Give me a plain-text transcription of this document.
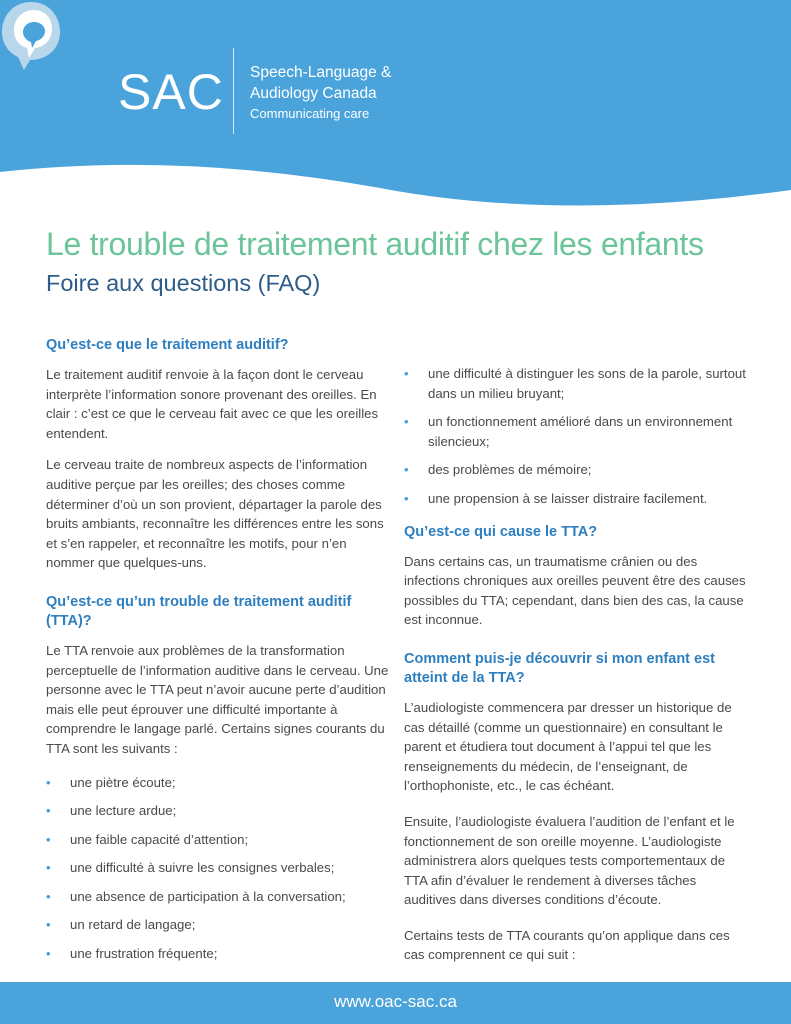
SAC Speech-Language &
Audiology Canada
Communicating care
Le trouble de traitement auditif chez les enfants
Foire aux questions (FAQ)
Qu’est-ce que le traitement auditif?

Le traitement auditif renvoie à la façon dont le cerveau interprète l’information sonore provenant des oreilles. En clair : c’est ce que le cerveau fait avec ce que les oreilles entendent.

Le cerveau traite de nombreux aspects de l’information auditive perçue par les oreilles; des choses comme déterminer d’où un son provient, départager la parole des bruits ambiants, reconnaître les différences entre les sons et s’en rappeler, et reconnaître les motifs, pour n’en nommer que quelques-uns.

Qu’est-ce qu’un trouble de traitement auditif (TTA)?

Le TTA renvoie aux problèmes de la transformation perceptuelle de l’information auditive dans le cerveau. Une personne avec le TTA peut n’avoir aucune perte d’audition mais elle peut éprouver une difficulté importante à comprendre le langage parlé. Certains signes courants du TTA sont les suivants :

• une piètre écoute;
• une lecture ardue;
• une faible capacité d’attention;
• une difficulté à suivre les consignes verbales;
• une absence de participation à la conversation;
• un retard de langage;
• une frustration fréquente;
• une difficulté à distinguer les sons de la parole, surtout dans un milieu bruyant;
• un fonctionnement amélioré dans un environnement silencieux;
• des problèmes de mémoire;
• une propension à se laisser distraire facilement.
Qu’est-ce qui cause le TTA?

Dans certains cas, un traumatisme crânien ou des infections chroniques aux oreilles peuvent être des causes possibles du TTA; cependant, dans bien des cas, la cause est inconnue.

Comment puis-je découvrir si mon enfant est atteint de la TTA?

L’audiologiste commencera par dresser un historique de cas détaillé (comme un questionnaire) en consultant le parent et étudiera tout document à l’appui tel que les renseignements du médecin, de l’enseignant, de l’orthophoniste, etc., le cas échéant.

Ensuite, l’audiologiste évaluera l’audition de l’enfant et le fonctionnement de son oreille moyenne. L’audiologiste administrera alors quelques tests comportementaux de TTA afin d’évaluer le rendement à diverses tâches auditives dans diverses conditions d’écoute.

Certains tests de TTA courants qu’on applique dans ces cas comprennent ce qui suit :

www.oac-sac.ca
